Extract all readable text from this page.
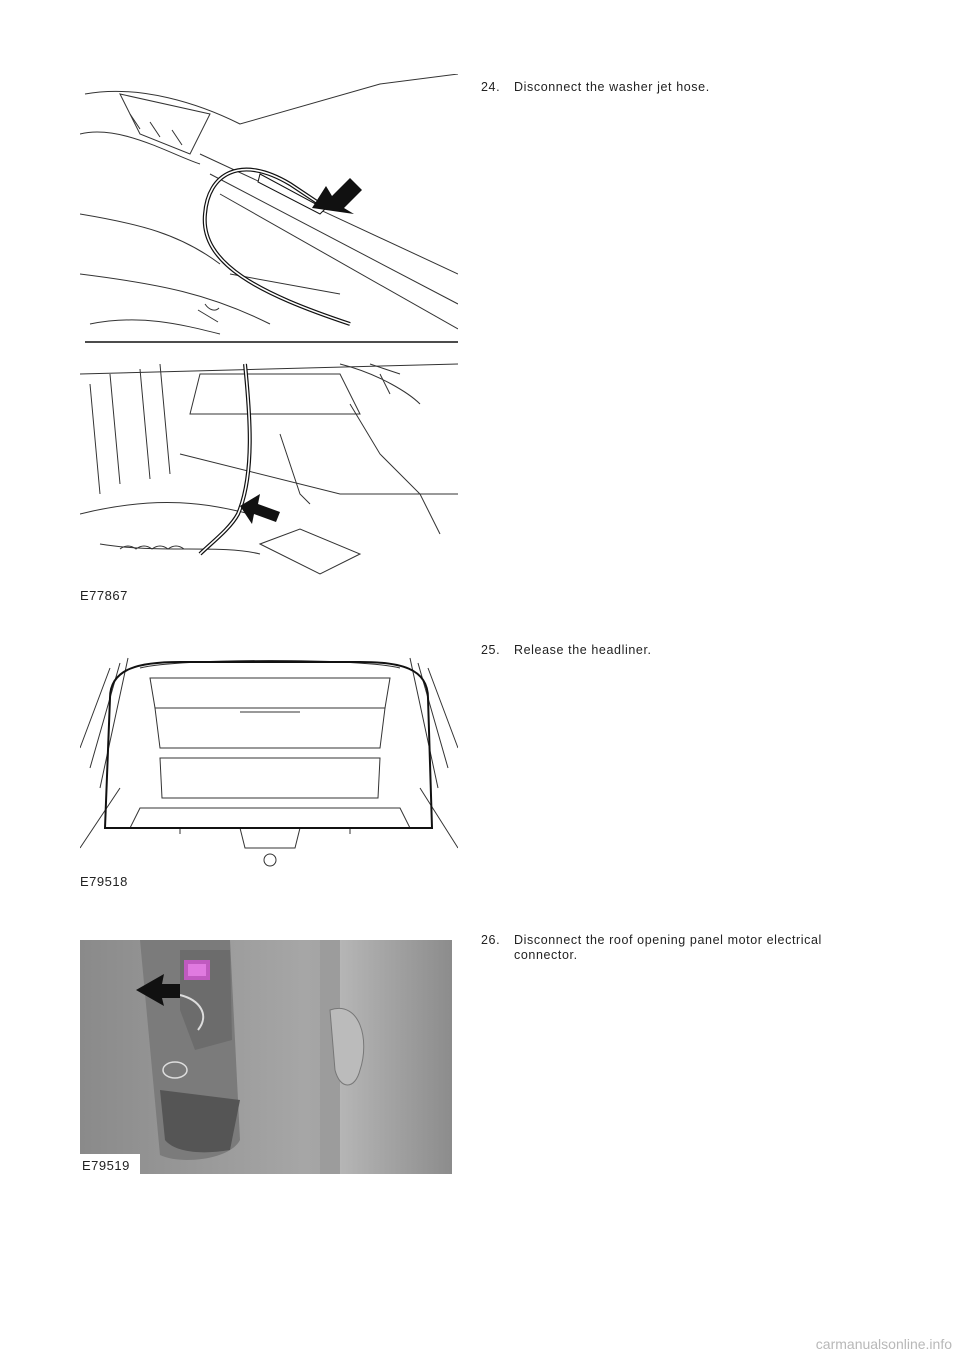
E77867
24. Disconnect the washer jet hose.
E79518
25. Release the headliner.
E79519
26. Disconnect the roof opening panel motor electrical connector.
carmanualsonline.info
